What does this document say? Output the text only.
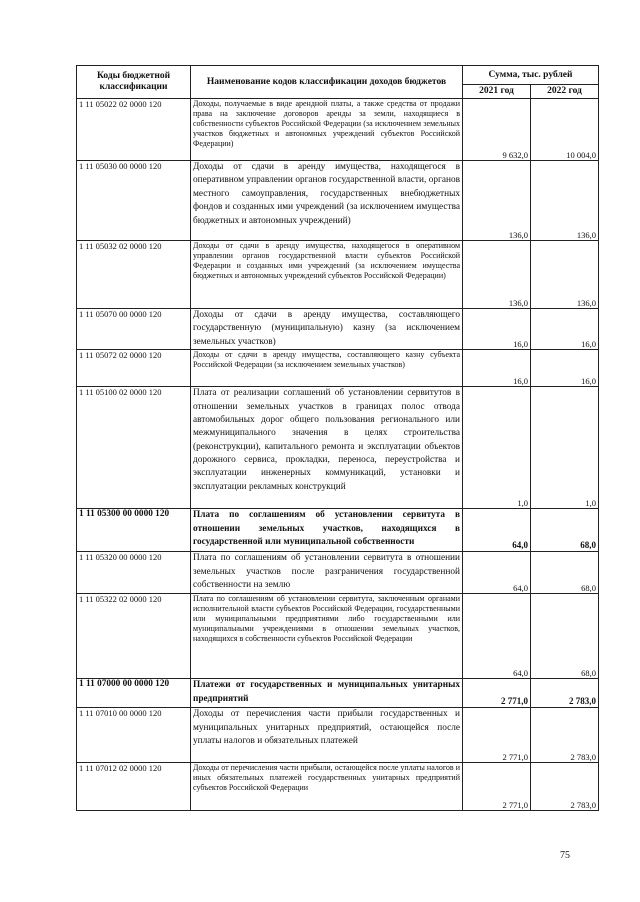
Коды бюджетной классификации	Наименование кодов классификации доходов бюджетов	Сумма, тыс. рублей	
		2021 год	2022 год
1 11 05022 02 0000 120	Доходы, получаемые в виде арендной платы, а также средства от продажи права на заключение договоров аренды за земли, находящиеся в собственности субъектов Российской Федерации (за исключением земельных участков бюджетных и автономных учреждений субъектов Российской Федерации)	9 632,0	10 004,0
1 11 05030 00 0000 120	Доходы от сдачи в аренду имущества, находящегося в оперативном управлении органов государственной власти, органов местного самоуправления, государственных внебюджетных фондов и созданных ими учреждений (за исключением имущества бюджетных и автономных учреждений)	136,0	136,0
1 11 05032 02 0000 120	Доходы от сдачи в аренду имущества, находящегося в оперативном управлении органов государственной власти субъектов Российской Федерации и созданных ими учреждений (за исключением имущества бюджетных и автономных учреждений субъектов Российской Федерации)	136,0	136,0
1 11 05070 00 0000 120	Доходы от сдачи в аренду имущества, составляющего государственную (муниципальную) казну (за исключением земельных участков)	16,0	16,0
1 11 05072 02 0000 120	Доходы от сдачи в аренду имущества, составляющего казну субъекта Российской Федерации (за исключением земельных участков)	16,0	16,0
1 11 05100 02 0000 120	Плата от реализации соглашений об установлении сервитутов в отношении земельных участков в границах полос отвода автомобильных дорог общего пользования регионального или межмуниципального значения в целях строительства (реконструкции), капитального ремонта и эксплуатации объектов дорожного сервиса, прокладки, переноса, переустройства и эксплуатации инженерных коммуникаций, установки и эксплуатации рекламных конструкций	1,0	1,0
1 11 05300 00 0000 120	Плата по соглашениям об установлении сервитута в отношении земельных участков, находящихся в государственной или муниципальной собственности	64,0	68,0
1 11 05320 00 0000 120	Плата по соглашениям об установлении сервитута в отношении земельных участков после разграничения государственной собственности на землю	64,0	68,0
1 11 05322 02 0000 120	Плата по соглашениям об установлении сервитута, заключенным органами исполнительной власти субъектов Российской Федерации, государственными или муниципальными предприятиями либо государственными или муниципальными учреждениями в отношении земельных участков, находящихся в собственности субъектов Российской Федерации	64,0	68,0
1 11 07000 00 0000 120	Платежи от государственных и муниципальных унитарных предприятий	2 771,0	2 783,0
1 11 07010 00 0000 120	Доходы от перечисления части прибыли государственных и муниципальных унитарных предприятий, остающейся после уплаты налогов и обязательных платежей	2 771,0	2 783,0
1 11 07012 02 0000 120	Доходы от перечисления части прибыли, остающейся после уплаты налогов и иных обязательных платежей государственных унитарных предприятий субъектов Российской Федерации	2 771,0	2 783,0
75
